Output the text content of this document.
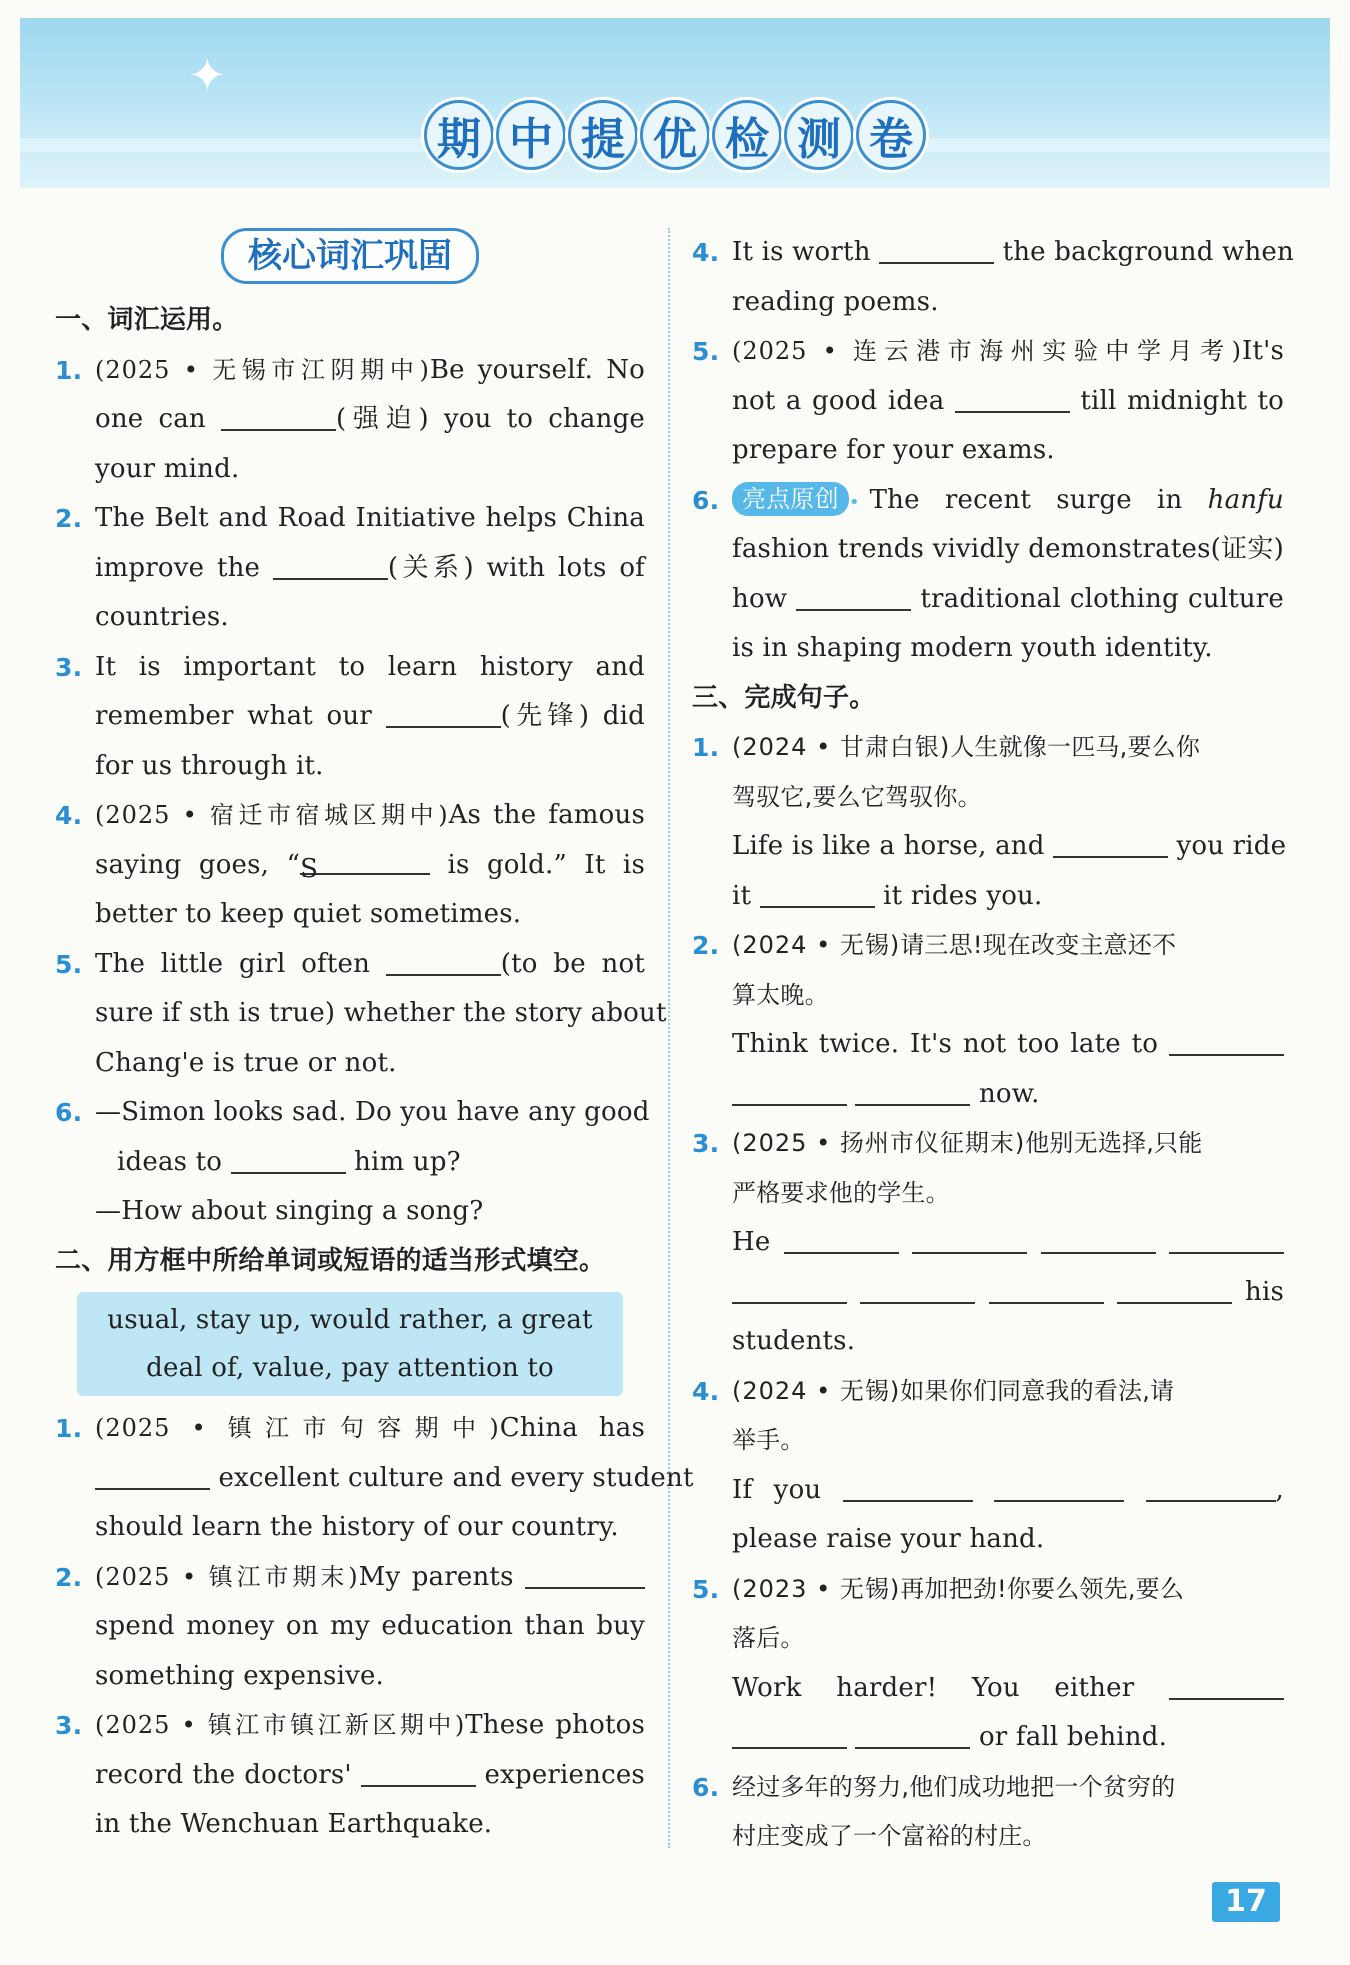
✦
期 中 提 优 检 测 卷
核心词汇巩固
一、词汇运用。
1. (2025 • 无锡市江阴期中)Be yourself. No
one can	(强迫) you to change
your mind.
2. The Belt and Road Initiative helps China
improve the	(关系) with lots of
countries.
3. It is important to learn history and
remember what our	(先锋) did
for us through it.
4. (2025 • 宿迁市宿城区期中)As the famous
saying goes, “S	is gold.” It is
better to keep quiet sometimes.
5. The little girl often	(to be not
sure if sth is true) whether the story about
Chang'e is true or not.
6. —Simon looks sad. Do you have any good
ideas to	him up?
—How about singing a song?
二、用方框中所给单词或短语的适当形式填空。
usual, stay up, would rather, a great
deal of, value, pay attention to
1. (2025 • 镇江市句容期中)China has
excellent culture and every student
should learn the history of our country.
2. (2025 • 镇江市期末)My parents
spend money on my education than buy
something expensive.
3. (2025 • 镇江市镇江新区期中)These photos
record the doctors'	experiences
in the Wenchuan Earthquake.
4. It is worth	the background when
reading poems.
5. (2025 • 连云港市海州实验中学月考)It's
not a good idea	till midnight to
prepare for your exams.
6. 亮点原创 • The recent surge in hanfu
fashion trends vividly demonstrates(证实)
how	traditional clothing culture
is in shaping modern youth identity.
三、完成句子。
1. (2024 • 甘肃白银)人生就像一匹马,要么你
驾驭它,要么它驾驭你。
Life is like a horse, and	you ride
it	it rides you.
2. (2024 • 无锡)请三思!现在改变主意还不
算太晚。
Think twice. It's not too late to
now.
3. (2025 • 扬州市仪征期末)他别无选择,只能
严格要求他的学生。
He
his
students.
4. (2024 • 无锡)如果你们同意我的看法,请
举手。
If you	,
please raise your hand.
5. (2023 • 无锡)再加把劲!你要么领先,要么
落后。
Work harder! You either
or fall behind.
6. 经过多年的努力,他们成功地把一个贫穷的
村庄变成了一个富裕的村庄。
17
